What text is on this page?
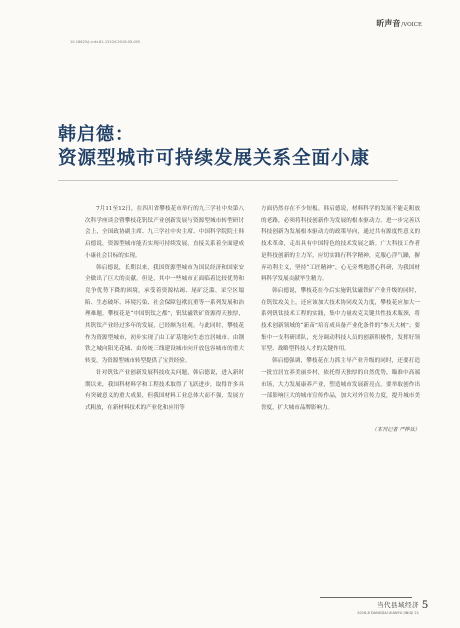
昕声音/VOICE
10.16625/j.cnki.61-1252/f.2016.05.005
韩启德：
资源型城市可持续发展关系全面小康

7月11至12日，在四川省攀枝花市举行的九三学社中央第八次科学座谈会暨攀枝花钒钛产业创新发展与资源型城市转型研讨会上，全国政协副主席、九三学社中央主席、中国科学院院士韩启德说，资源型城市能否实现可持续发展，直接关系着全面建成小康社会目标的实现。

韩启德说，长期以来，我国资源型城市为国民经济和国家安全做出了巨大的贡献。但是，其中一些城市正面临着比较优势和竞争优势下降的困境，承受着资源枯竭、尾矿泛滥、采空区塌陷、生态破坏、环境污染、社会保障包袱沉重等一系列发展和治理难题。攀枝花是“中国钒钛之都”，钒钛磁铁矿资源得天独厚，其钒钛产业经过多年的发展，已经颇为壮观。与此同时，攀枝花作为资源型城市，初步实现了由工矿基地向生态宜居城市、由钢铁之城向阳光花城、由传统三线建设城市向开放包容城市的重大转变，为资源型城市转型提供了宝贵经验。

针对钒钛产业创新发展科技攻关问题，韩启德说，进入新时期以来，我国科材料学和工程技术取得了飞跃进步，取得许多具有突破意义的重大成果，但我国材料工业总体大而不强，发展方式粗放，在新材料技术的产业化和应用等

方面仍然存在不少短板。韩启德说，材料科学的发展不能走粗放的老路，必须将科技创新作为发展的根本驱动力。进一步完善以科技创新为发展根本驱动力的政策导向，通过共有源度性意义的技术革命，走出具有中国特色的技术发展之路。广大科技工作者是科技创新的主力军，应切实践行科学精神，克服心浮气躁，摒弃功利主义，坚持“工匠精神”，心无旁骛地潜心科研，为我国材料科学发展贡献毕生精力。

韩启德说，攀枝花在今后实施钒钛磁铁矿产业升级的同时，在钒钛攻关上，还应该加大技术协同攻关力度，攀枝花应加大一系列钒钛技术工程的实践，集中力量攻克关键共性技术瓶颈，将技术创新领域的“新苗”培育成具备产业化条件的“参天大树”；要集中一支科研团队，充分调动科技人员的创新积极性，发挥好领军型、战略型科技人才的关键作用。

韩启德强调，攀枝花在力抓主导产业升级的同时，还要打造一批宜居宜养美丽乡村，依托得天独厚的自然优势，瞄准中高端市场，大力发展康养产业，塑造城市发展新亮点。要举取创作出一部影响巨大的城市宣传作品，加大对外宣传力度，提升城市美誉度，扩大城市品牌影响力。

（本刊记者 严桦钛）
当代县域经济
2016.8 DANGDAI XIANYU JINGJI 21
5
